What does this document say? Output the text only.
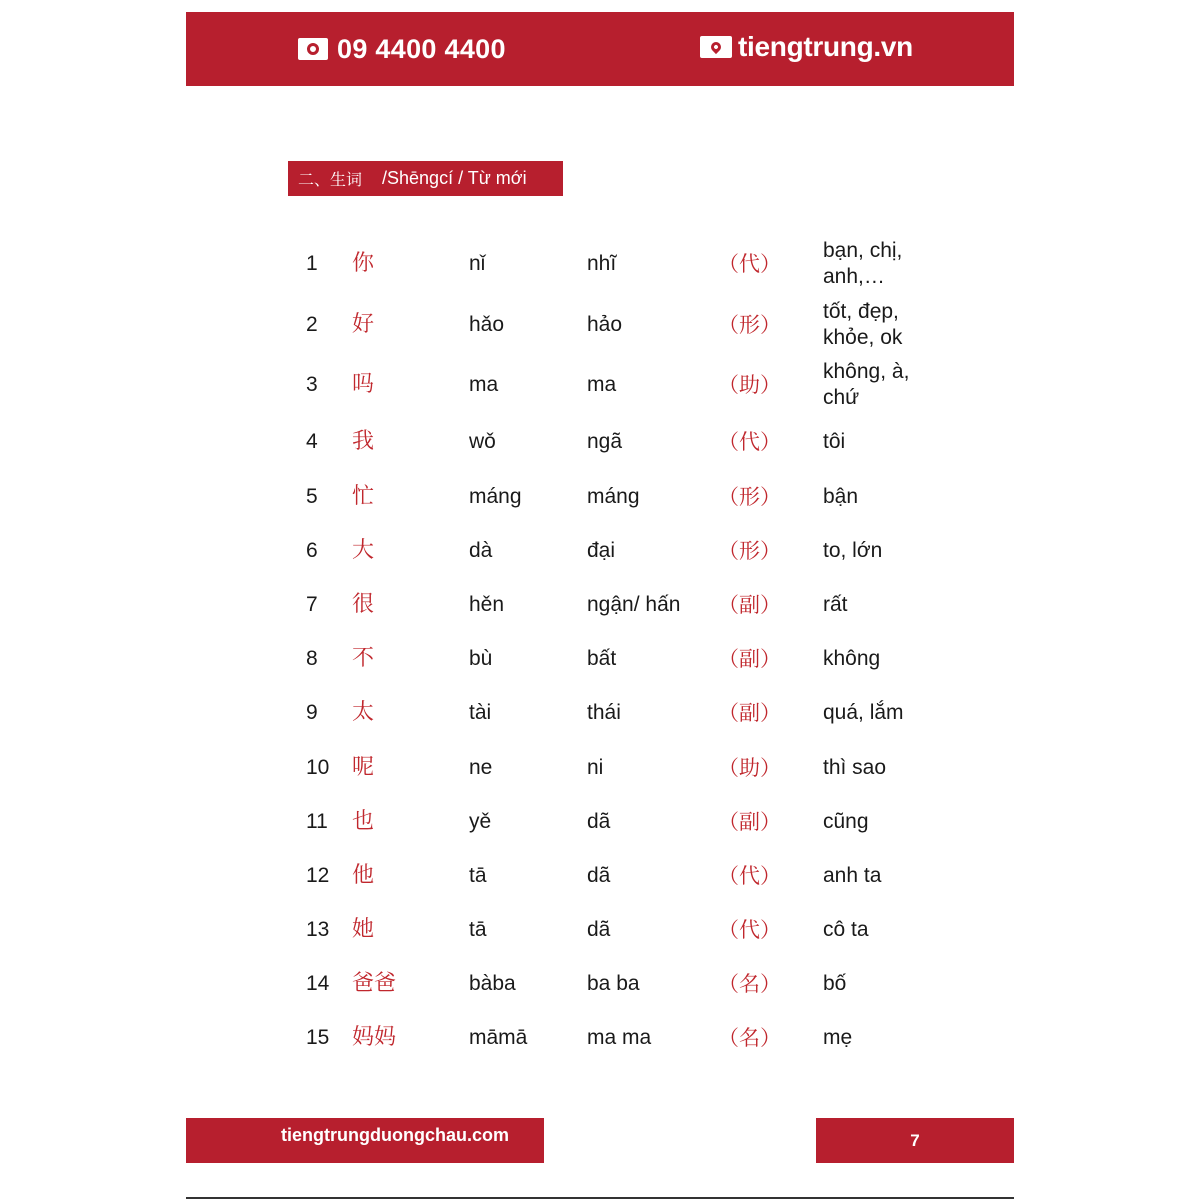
09 4400 4400	tiengtrung.vn
二、生词 /Shēngcí / Từ mới
1 你	nǐ	nhĩ	（代）
bạn, chị, anh,…
2 好	hǎo	hảo	（形）
tốt, đẹp, khỏe, ok
3 吗	ma	ma	（助）
không, à, chứ
4 我	wǒ	ngã	（代） tôi
5 忙	máng	máng	（形） bận
6 大	dà	đại	（形） to, lớn
7 很	hěn	ngận/ hấn （副） rất
8 不	bù	bất	（副） không
9 太	tài	thái	（副） quá, lắm
10 呢	ne	ni	（助） thì sao
11 也	yě	dã	（副） cũng
12 他	tā	dã	（代） anh ta
13 她	tā	dã	（代） cô ta
14 爸爸	bàba	ba ba	（名） bố
15 妈妈	māmā	ma ma	（名） mẹ
tiengtrungduongchau.com	7
